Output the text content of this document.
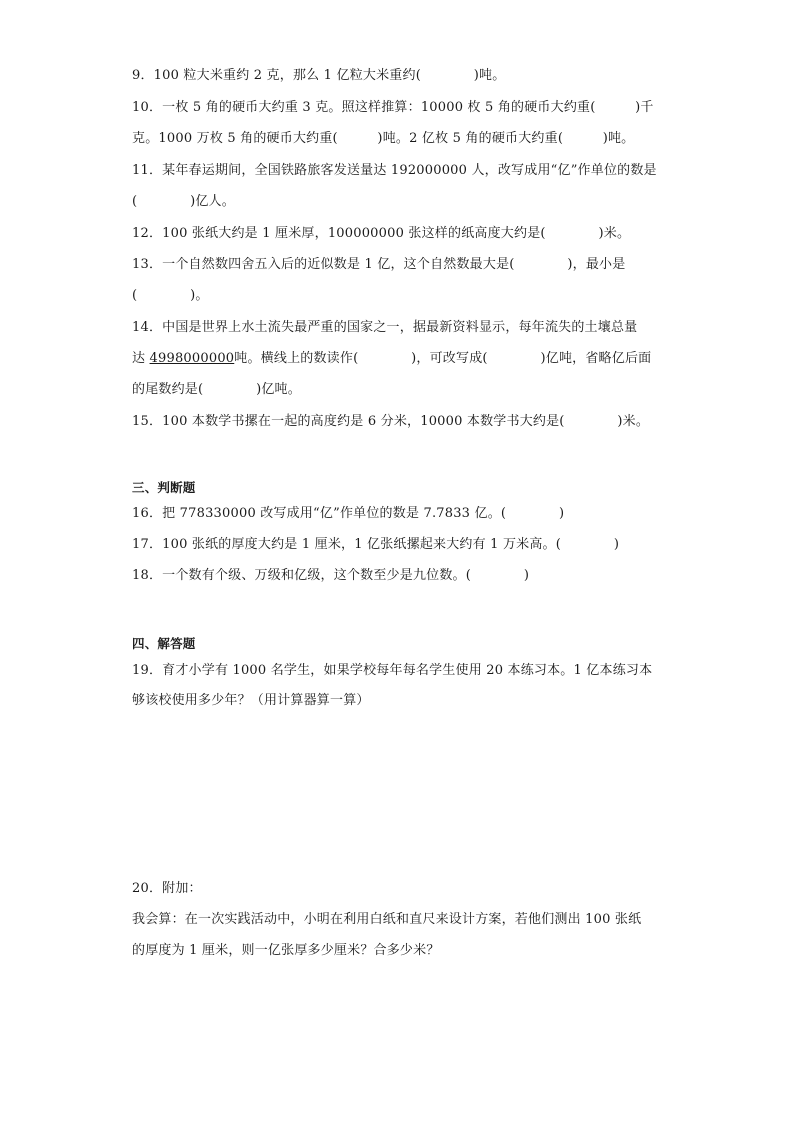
9．100 粒大米重约 2 克，那么 1 亿粒大米重约(　　　　)吨。
10．一枚 5 角的硬币大约重 3 克。照这样推算：10000 枚 5 角的硬币大约重(　　　)千
克。1000 万枚 5 角的硬币大约重(　　　)吨。2 亿枚 5 角的硬币大约重(　　　)吨。
11．某年春运期间，全国铁路旅客发送量达 192000000 人，改写成用“亿”作单位的数是
(　　　　)亿人。
12．100 张纸大约是 1 厘米厚，100000000 张这样的纸高度大约是(　　　　)米。
13．一个自然数四舍五入后的近似数是 1 亿，这个自然数最大是(　　　　)，最小是
(　　　　)。
14．中国是世界上水土流失最严重的国家之一，据最新资料显示，每年流失的土壤总量
达 4998000000吨。横线上的数读作(　　　　)，可改写成(　　　　)亿吨，省略亿后面
的尾数约是(　　　　)亿吨。
15．100 本数学书摞在一起的高度约是 6 分米，10000 本数学书大约是(　　　　)米。
三、判断题
16．把 778330000 改写成用“亿”作单位的数是 7.7833 亿。(　　　　)
17．100 张纸的厚度大约是 1 厘米，1 亿张纸摞起来大约有 1 万米高。(　　　　)
18．一个数有个级、万级和亿级，这个数至少是九位数。(　　　　)
四、解答题
19．育才小学有 1000 名学生，如果学校每年每名学生使用 20 本练习本。1 亿本练习本
够该校使用多少年？（用计算器算一算）
20．附加：
我会算：在一次实践活动中，小明在利用白纸和直尺来设计方案，若他们测出 100 张纸
的厚度为 1 厘米，则一亿张厚多少厘米？合多少米？
